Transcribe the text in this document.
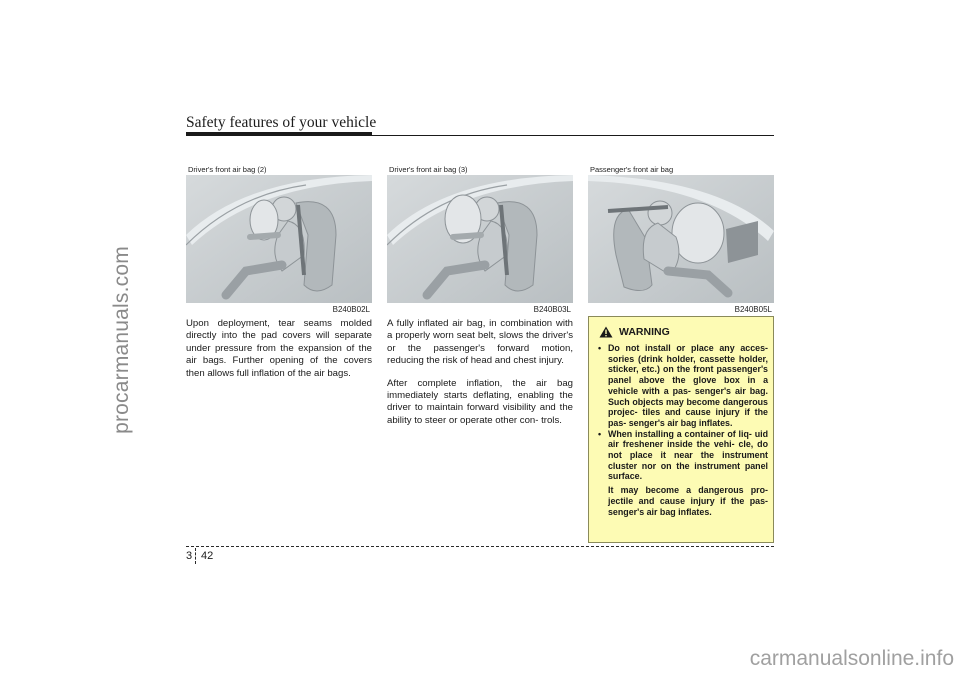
procarmanuals.com
carmanualsonline.info
Safety features of your vehicle
Driver's front air bag (2)
B240B02L
Driver's front air bag (3)
B240B03L
Passenger's front air bag
B240B05L

Upon deployment, tear seams molded directly into the pad covers will separate under pressure from the expansion of the air bags. Further opening of the covers then allows full inflation of the air bags.

A fully inflated air bag, in combination with a properly worn seat belt, slows the driver's or the passenger's forward motion, reducing the risk of head and chest injury.

After complete inflation, the air bag immediately starts deflating, enabling the driver to maintain forward visibility and the ability to steer or operate other con- trols.

WARNING
• Do not install or place any acces- sories (drink holder, cassette holder, sticker, etc.) on the front passenger's panel above the glove box in a vehicle with a pas- senger's air bag. Such objects may become dangerous projec- tiles and cause injury if the pas- senger's air bag inflates.
• When installing a container of liq- uid air freshener inside the vehi- cle, do not place it near the instrument cluster nor on the instrument panel surface.
It may become a dangerous pro- jectile and cause injury if the pas- senger's air bag inflates.
3 42
